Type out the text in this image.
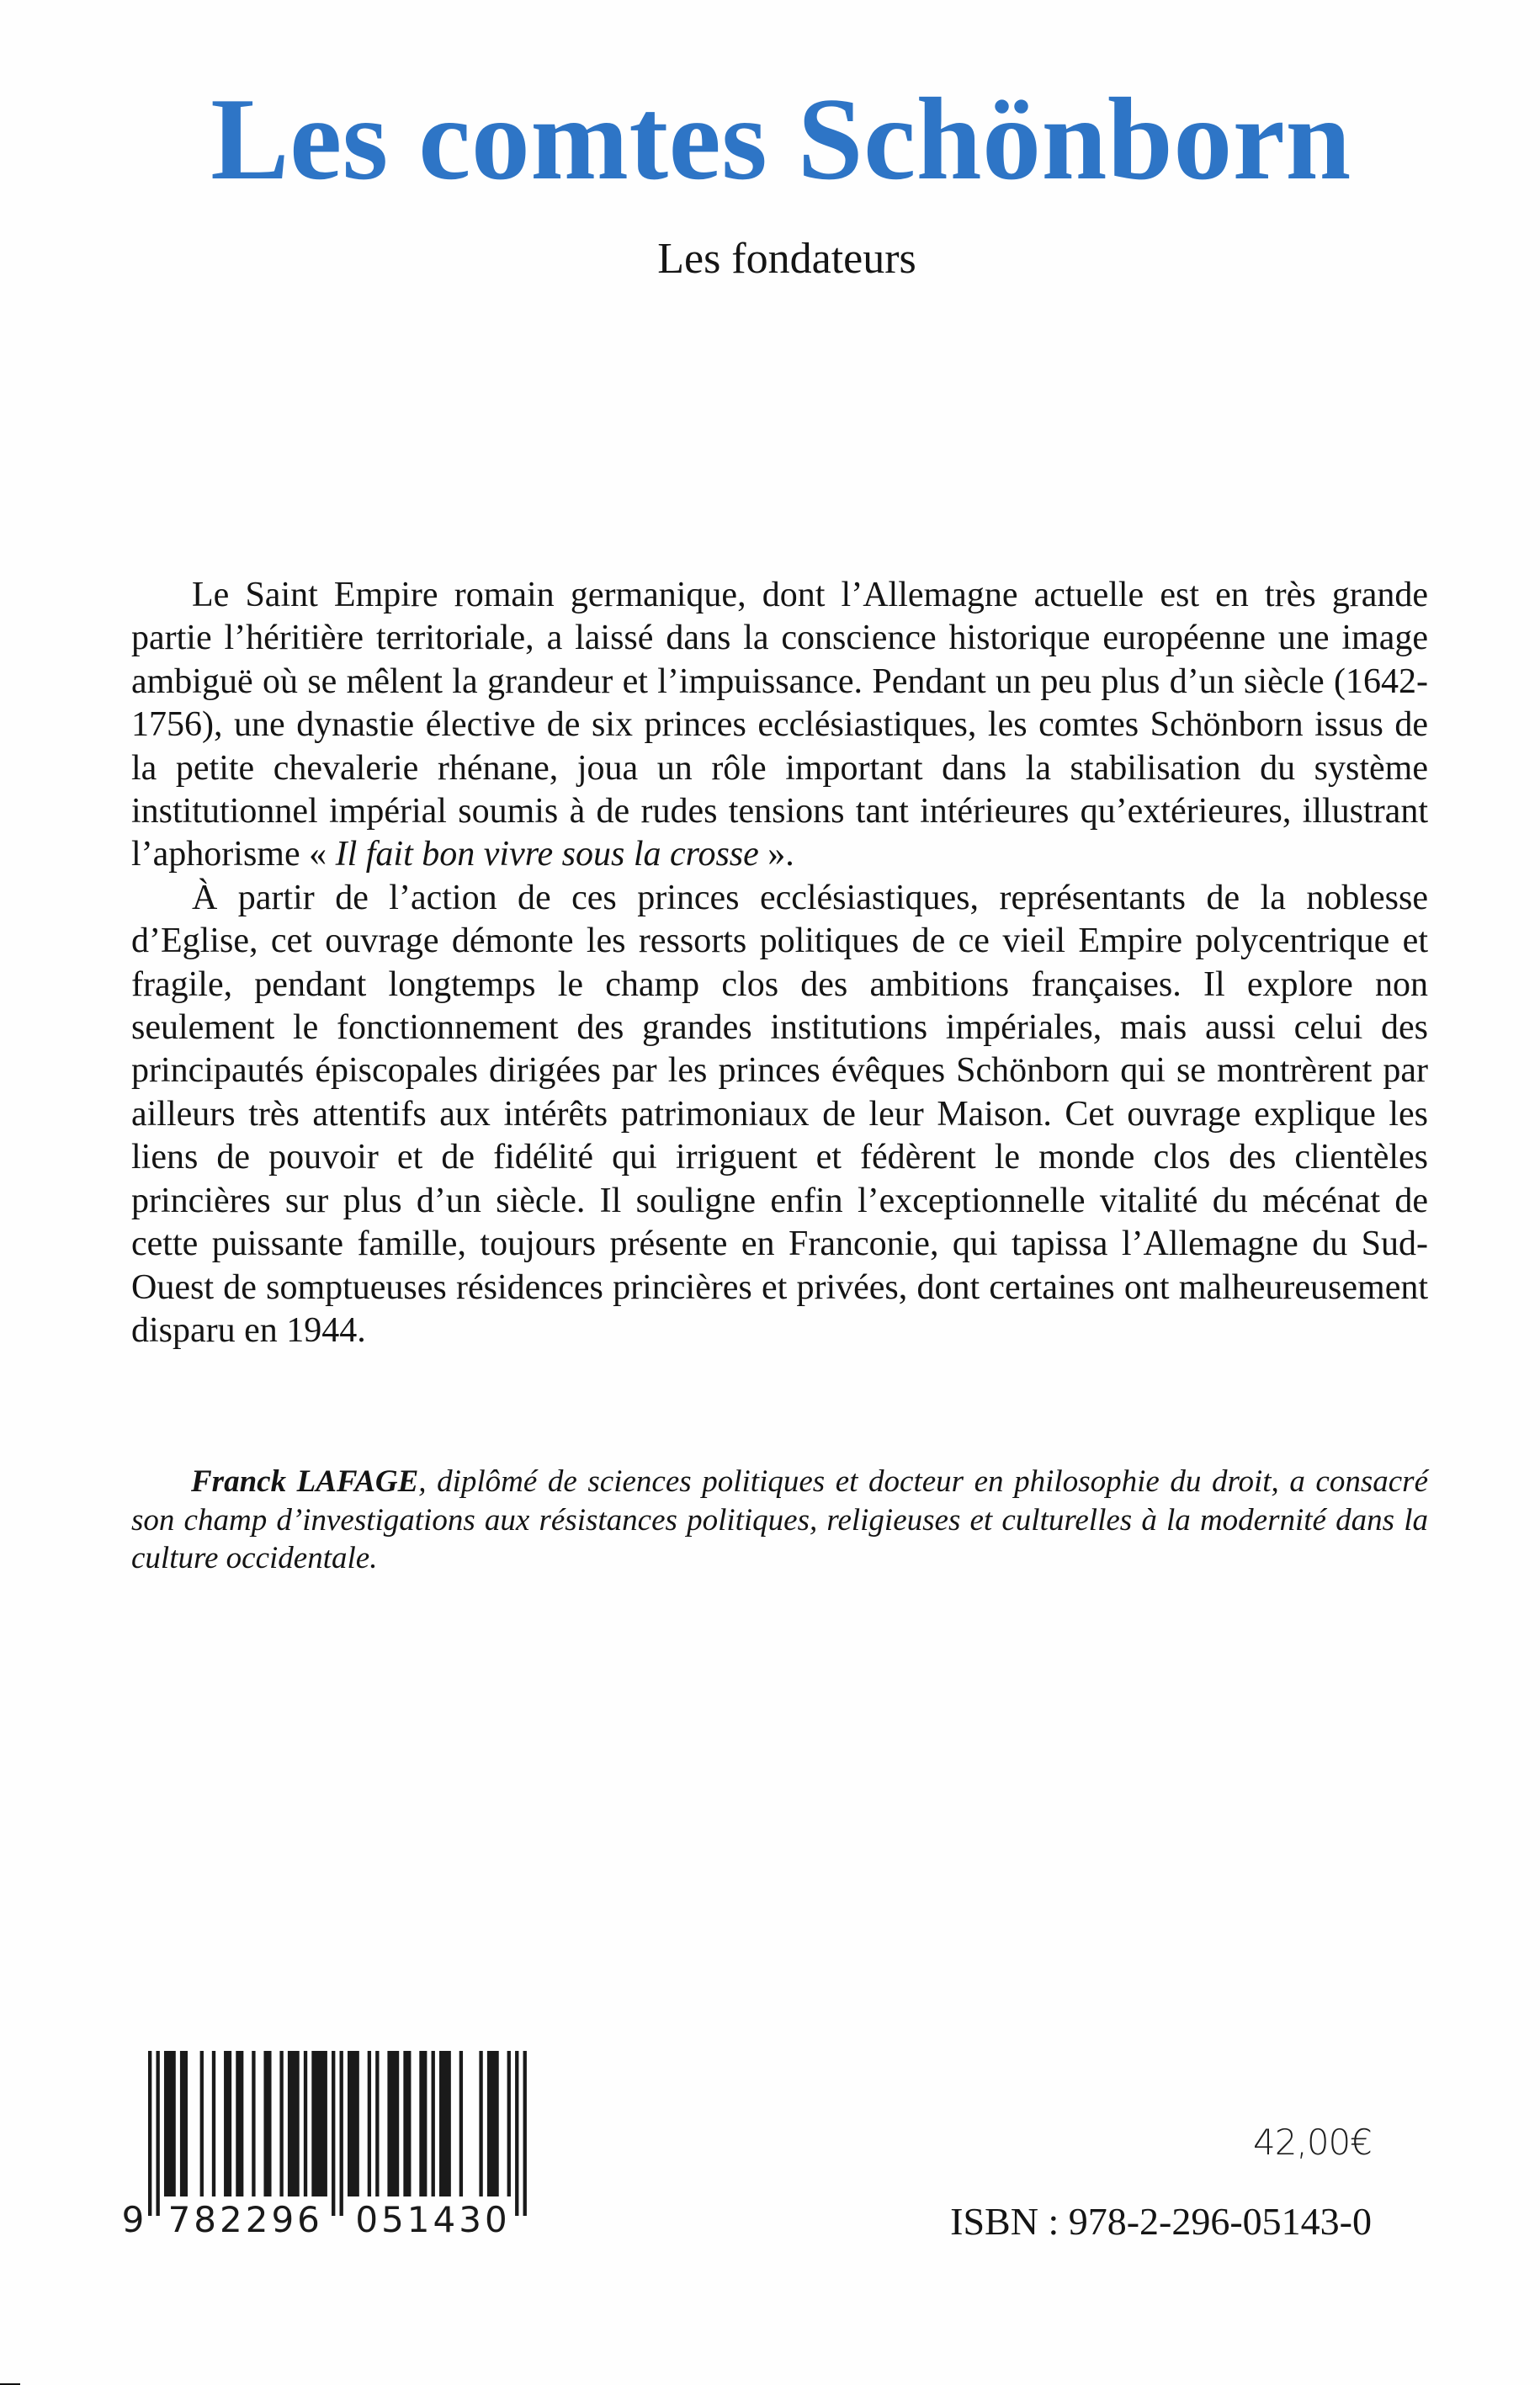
Les comtes Schönborn
Les fondateurs

Le Saint Empire romain germanique, dont l’Allemagne actuelle est en très grande partie l’héritière territoriale, a laissé dans la conscience historique européenne une image ambiguë où se mêlent la grandeur et l’impuissance. Pendant un peu plus d’un siècle (1642-1756), une dynastie élective de six princes ecclésiastiques, les comtes Schönborn issus de la petite chevalerie rhénane, joua un rôle important dans la stabilisation du système institutionnel impérial soumis à de rudes tensions tant intérieures qu’extérieures, illustrant l’aphorisme « Il fait bon vivre sous la crosse ».

À partir de l’action de ces princes ecclésiastiques, représentants de la noblesse d’Eglise, cet ouvrage démonte les ressorts politiques de ce vieil Empire polycentrique et fragile, pendant longtemps le champ clos des ambitions françaises. Il explore non seulement le fonctionnement des grandes institutions impériales, mais aussi celui des principautés épiscopales dirigées par les princes évêques Schönborn qui se montrèrent par ailleurs très attentifs aux intérêts patrimoniaux de leur Maison. Cet ouvrage explique les liens de pouvoir et de fidélité qui irriguent et fédèrent le monde clos des clientèles princières sur plus d’un siècle. Il souligne enfin l’exceptionnelle vitalité du mécénat de cette puissante famille, toujours présente en Franconie, qui tapissa l’Allemagne du Sud-Ouest de somptueuses résidences princières et privées, dont certaines ont malheureusement disparu en 1944.

Franck LAFAGE, diplômé de sciences politiques et docteur en philosophie du droit, a consacré son champ d’investigations aux résistances politiques, religieuses et culturelles à la modernité dans la culture occidentale.
9 782296 051430
42,00€
ISBN : 978-2-296-05143-0
